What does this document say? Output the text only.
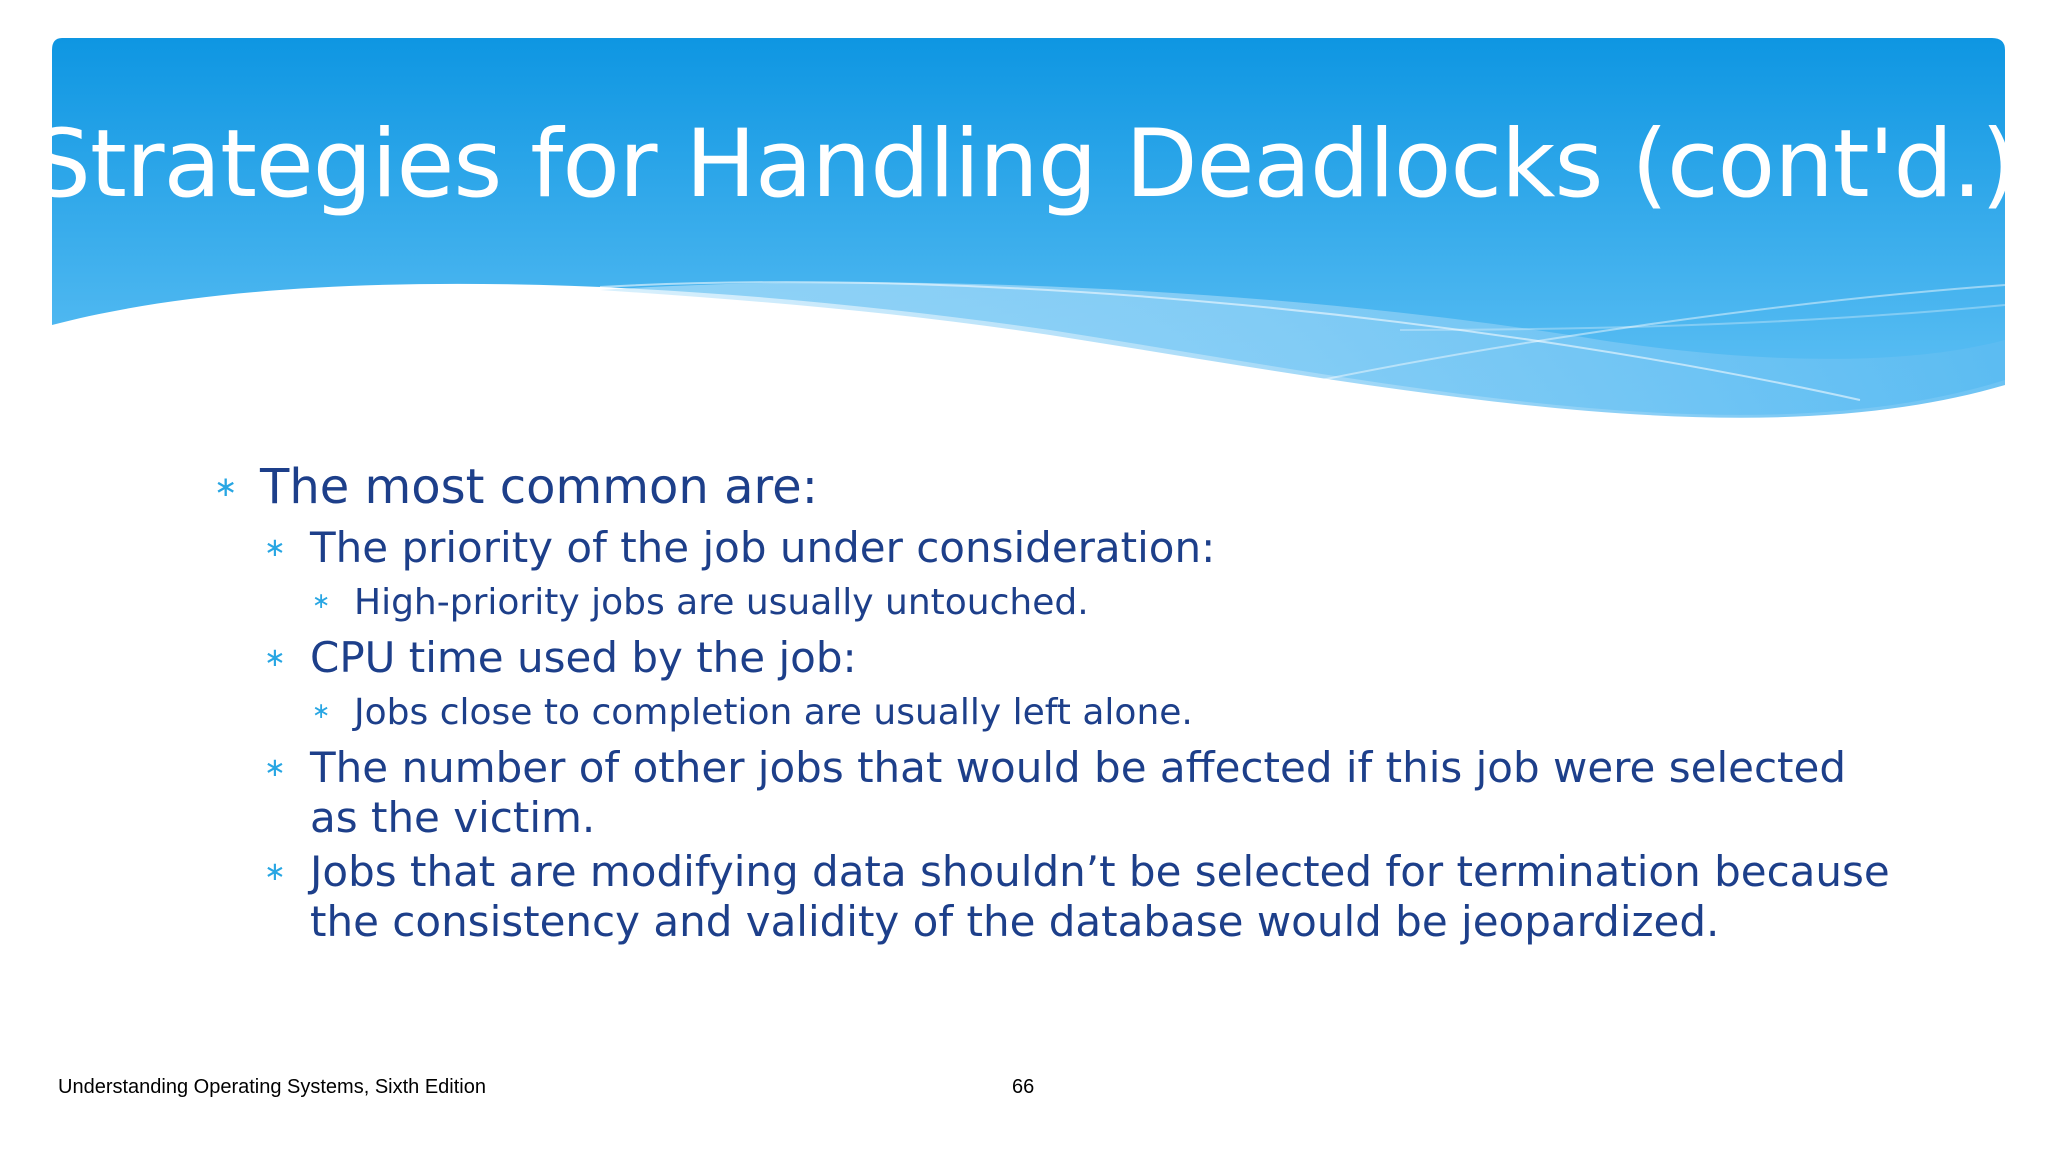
Strategies for Handling Deadlocks (cont'd.)

∗ The most common are:

∗ The priority of the job under consideration:

∗ High-priority jobs are usually untouched.

∗ CPU time used by the job:

∗ Jobs close to completion are usually left alone.

∗ The number of other jobs that would be affected if this job were selected as the victim.

∗ Jobs that are modifying data shouldn’t be selected for termination because the consistency and validity of the database would be jeopardized.

Understanding Operating Systems, Sixth Edition	66
